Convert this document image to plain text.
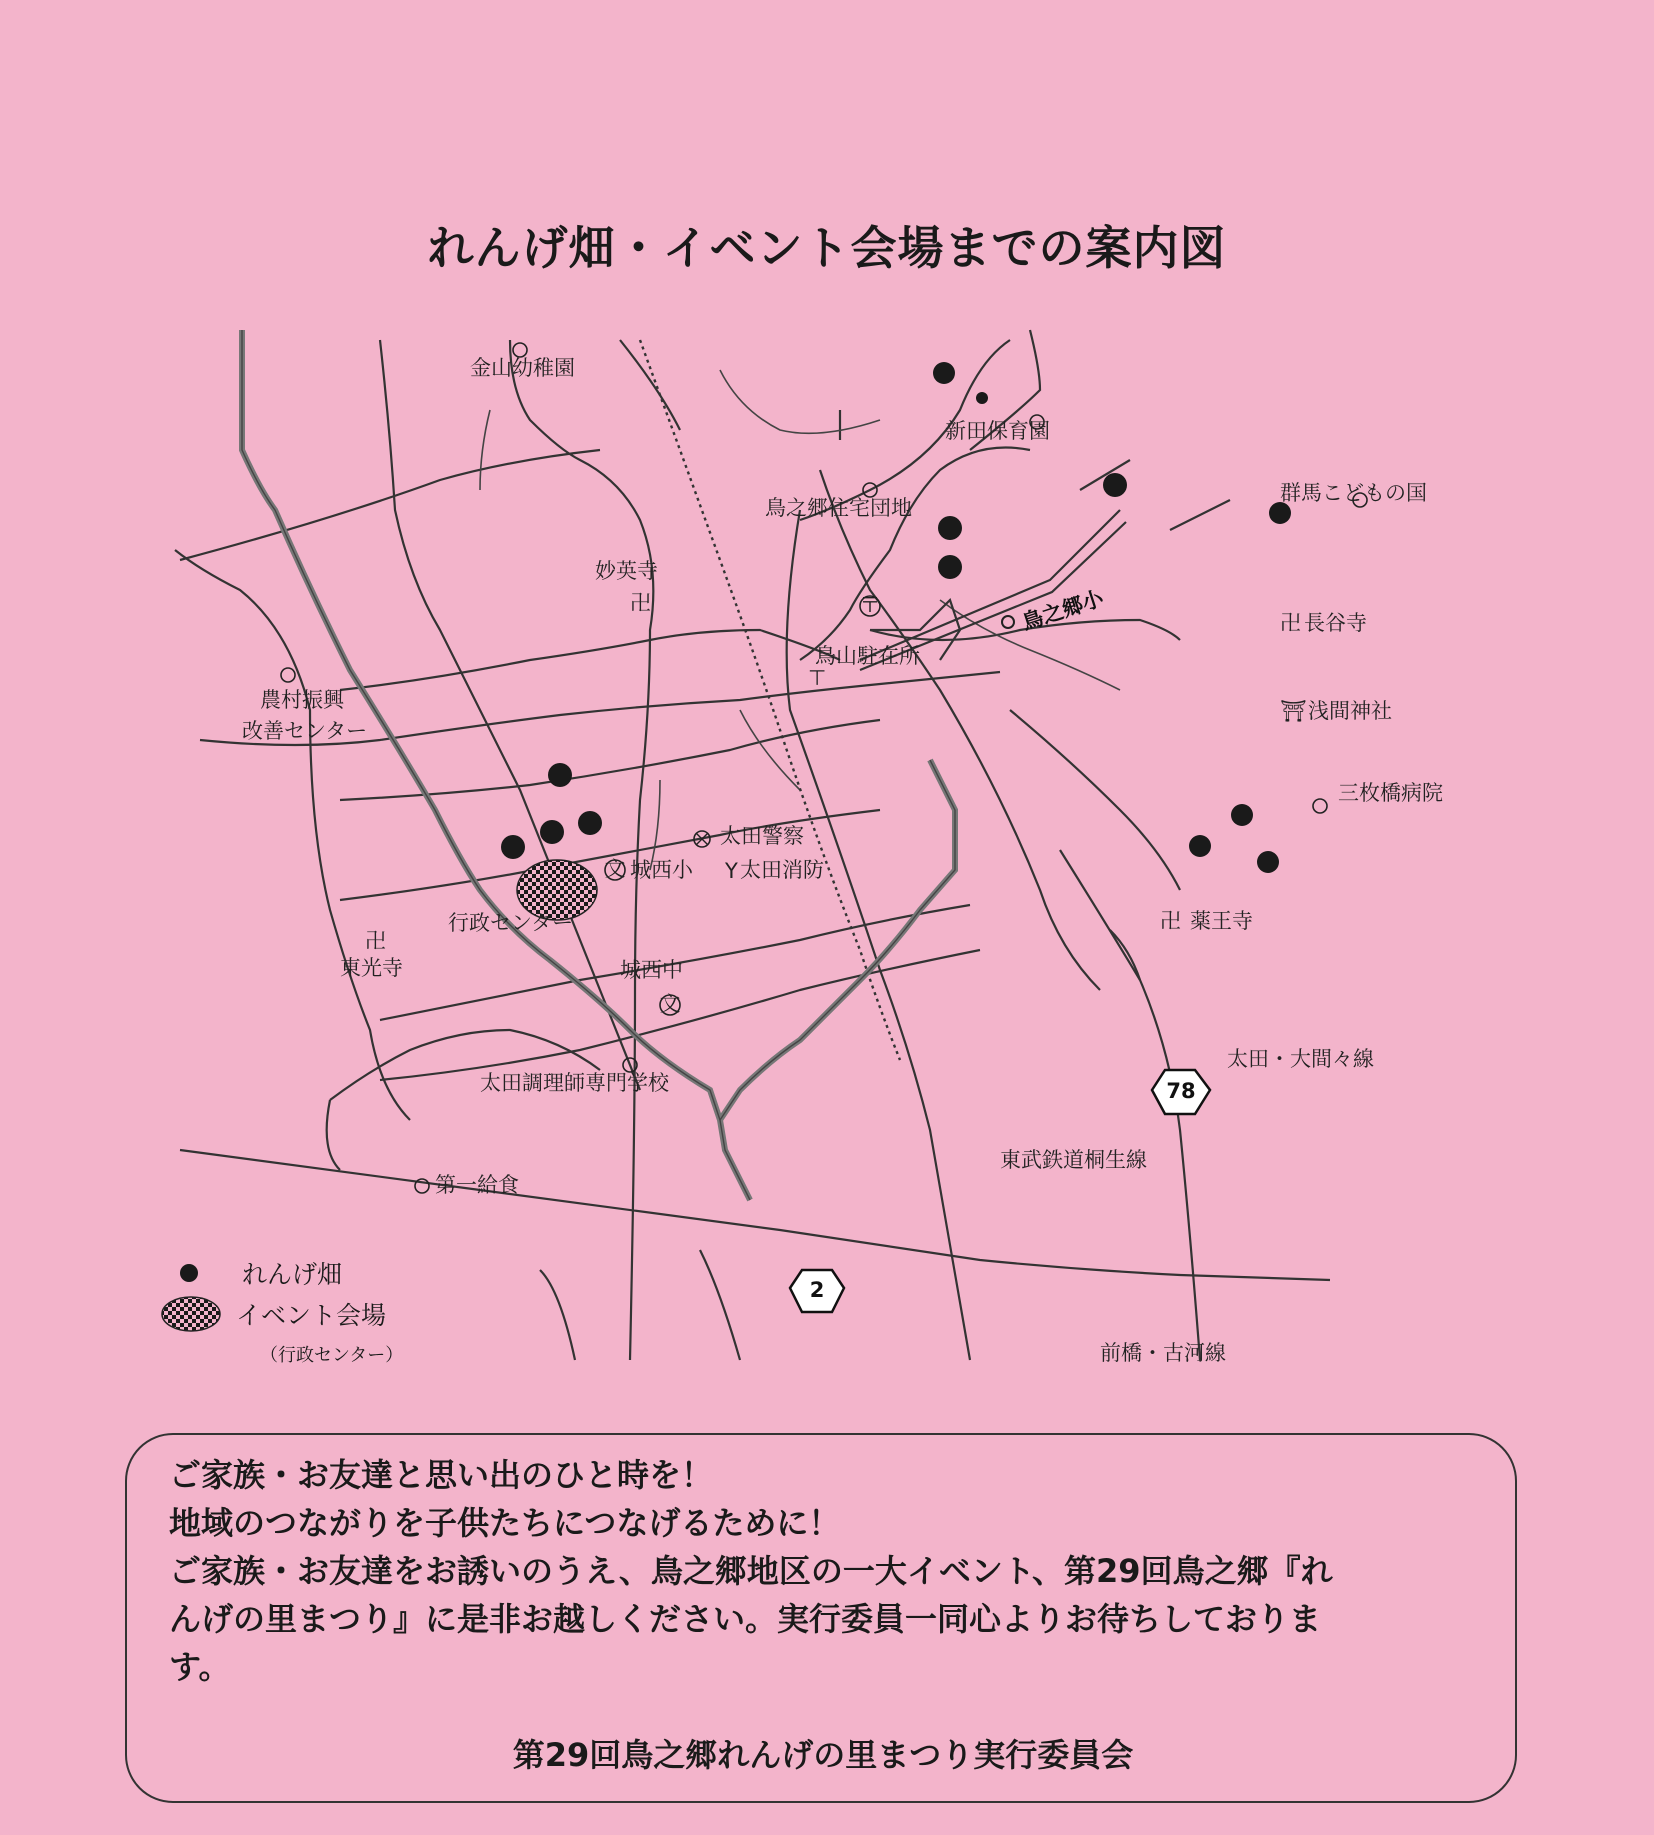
れんげ畑・イベント会場までの案内図
〒
文
文
卍
卍
⛩
卍
卍
Y
⊤
78
2
金山幼稚園
新田保育園
鳥之郷住宅団地
群馬こどもの国
妙英寺
鳥之郷小	長谷寺
農村振興
改善センター
鳥山駐在所
浅間神社
三枚橋病院
太田警察
城西小 太田消防
行政センター	薬王寺
東光寺	城西中
太田・大間々線
太田調理師専門学校
東武鉄道桐生線
第一給食
前橋・古河線
れんげ畑
イベント会場
（行政センター）
ご家族・お友達と思い出のひと時を！
地域のつながりを子供たちにつなげるために！
ご家族・お友達をお誘いのうえ、鳥之郷地区の一大イベント、第29回鳥之郷『れ
んげの里まつり』に是非お越しください。実行委員一同心よりお待ちしておりま
す。
第29回鳥之郷れんげの里まつり実行委員会
